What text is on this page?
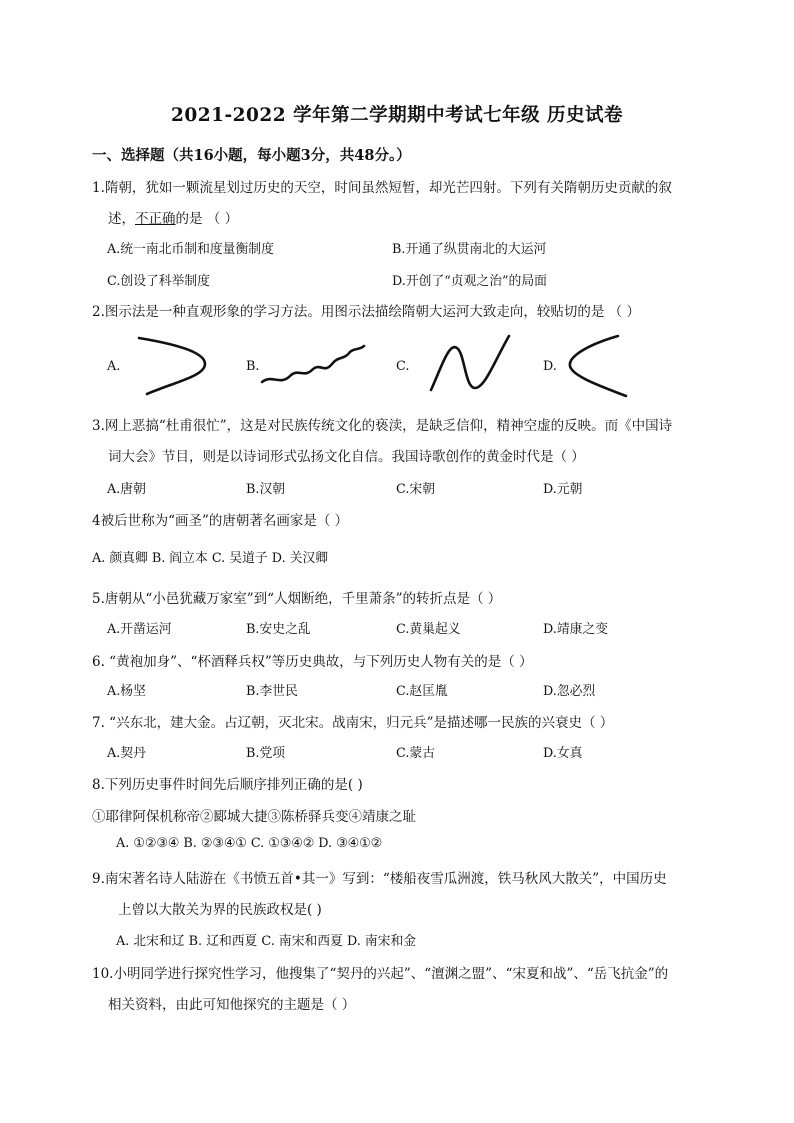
2021-2022 学年第二学期期中考试七年级 历史试卷
一、选择题（共16小题，每小题3分，共48分。）
1.隋朝，犹如一颗流星划过历史的天空，时间虽然短暂，却光芒四射。下列有关隋朝历史贡献的叙
述，不正确的是 （ ）
A.统一南北币制和度量衡制度	B.开通了纵贯南北的大运河
C.创设了科举制度	D.开创了“贞观之治”的局面
2.图示法是一种直观形象的学习方法。用图示法描绘隋朝大运河大致走向，较贴切的是 （ ）
A.	B.	C.	D.
3.网上恶搞“杜甫很忙”，这是对民族传统文化的亵渎，是缺乏信仰，精神空虚的反映。而《中国诗
词大会》节目，则是以诗词形式弘扬文化自信。我国诗歌创作的黄金时代是（ ）
A.唐朝	B.汉朝	C.宋朝	D.元朝
4被后世称为“画圣”的唐朝著名画家是（ ）
A. 颜真卿 B. 阎立本 C. 吴道子 D. 关汉卿
5.唐朝从“小邑犹藏万家室”到“人烟断绝，千里萧条”的转折点是（ ）
A.开凿运河	B.安史之乱	C.黄巢起义	D.靖康之变
6. “黄袍加身”、“杯酒释兵权”等历史典故，与下列历史人物有关的是（ ）
A.杨坚	B.李世民	C.赵匡胤	D.忽必烈
7. “兴东北，建大金。占辽朝，灭北宋。战南宋，归元兵”是描述哪一民族的兴衰史（ ）
A.契丹	B.党项	C.蒙古	D.女真
8.下列历史事件时间先后顺序排列正确的是( )
①耶律阿保机称帝②郾城大捷③陈桥驿兵变④靖康之耻
A. ①②③④ B. ②③④① C. ①③④② D. ③④①②
9.南宋著名诗人陆游在《书愤五首•其一》写到：“楼船夜雪瓜洲渡，铁马秋风大散关”，中国历史
上曾以大散关为界的民族政权是( )
A. 北宋和辽 B. 辽和西夏 C. 南宋和西夏 D. 南宋和金
10.小明同学进行探究性学习，他搜集了“契丹的兴起”、“澶渊之盟”、“宋夏和战”、“岳飞抗金”的
相关资料，由此可知他探究的主题是（ ）
